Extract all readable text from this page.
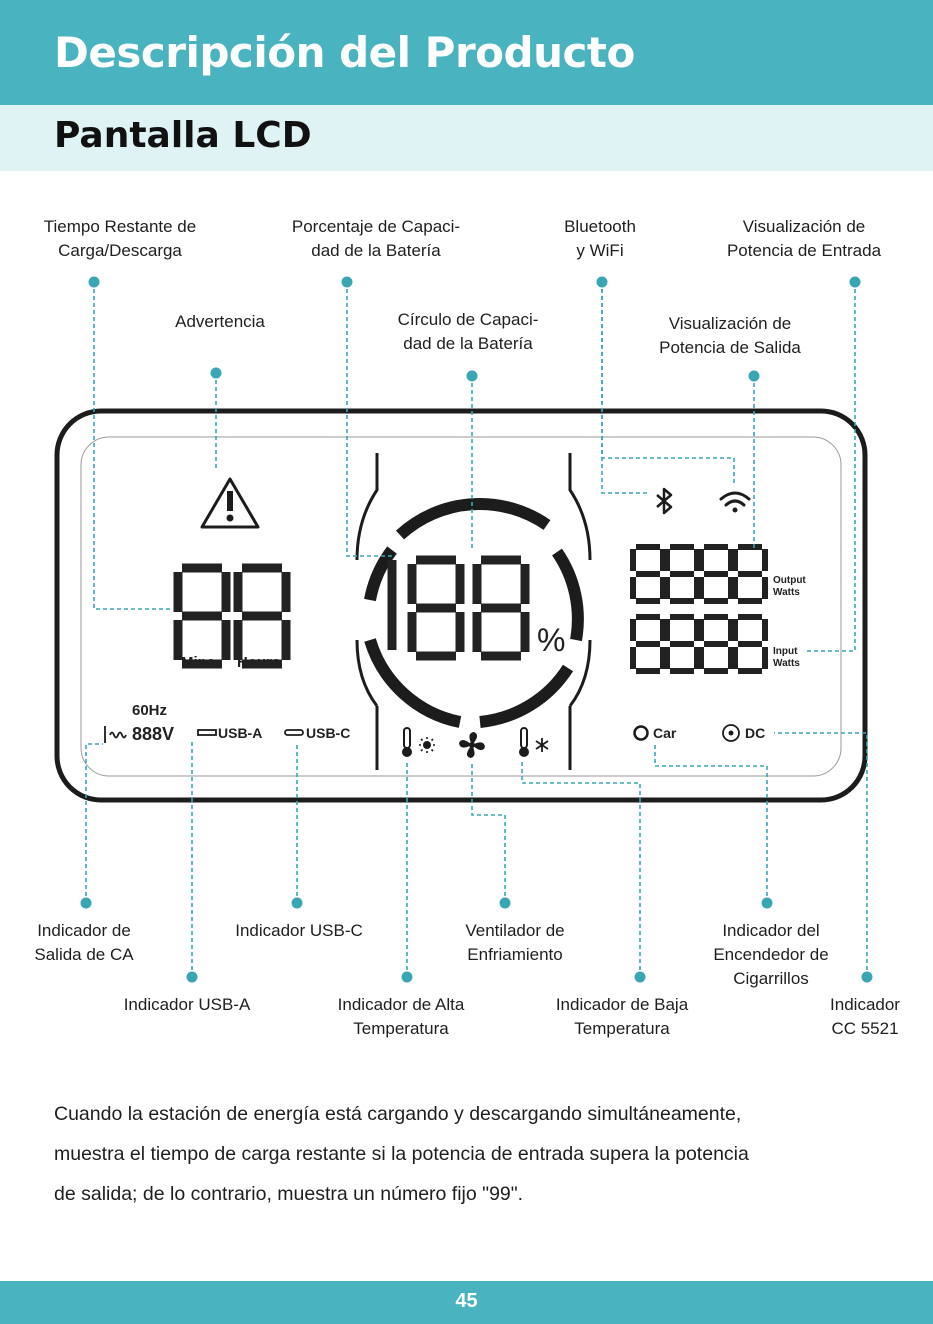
Descripción del Producto
Pantalla LCD
Mins Hours
%
60Hz
888V	USB-A	USB-C
Output
Watts
Input
Watts
Car	DC
Tiempo Restante de
Carga/Descarga
Porcentaje de Capaci-
dad de la Batería
Bluetooth
y WiFi
Visualización de
Potencia de Entrada
Advertencia	Círculo de Capaci-
dad de la Batería
Visualización de
Potencia de Salida
Indicador de
Salida de CA
Indicador USB-C	Ventilador de
Enfriamiento
Indicador del
Encendedor de
Cigarrillos
Indicador USB-A	Indicador de Alta
Temperatura
Indicador de Baja
Temperatura
Indicador
CC 5521
Cuando la estación de energía está cargando y descargando simultáneamente,
muestra el tiempo de carga restante si la potencia de entrada supera la potencia
de salida; de lo contrario, muestra un número fijo "99".
45
